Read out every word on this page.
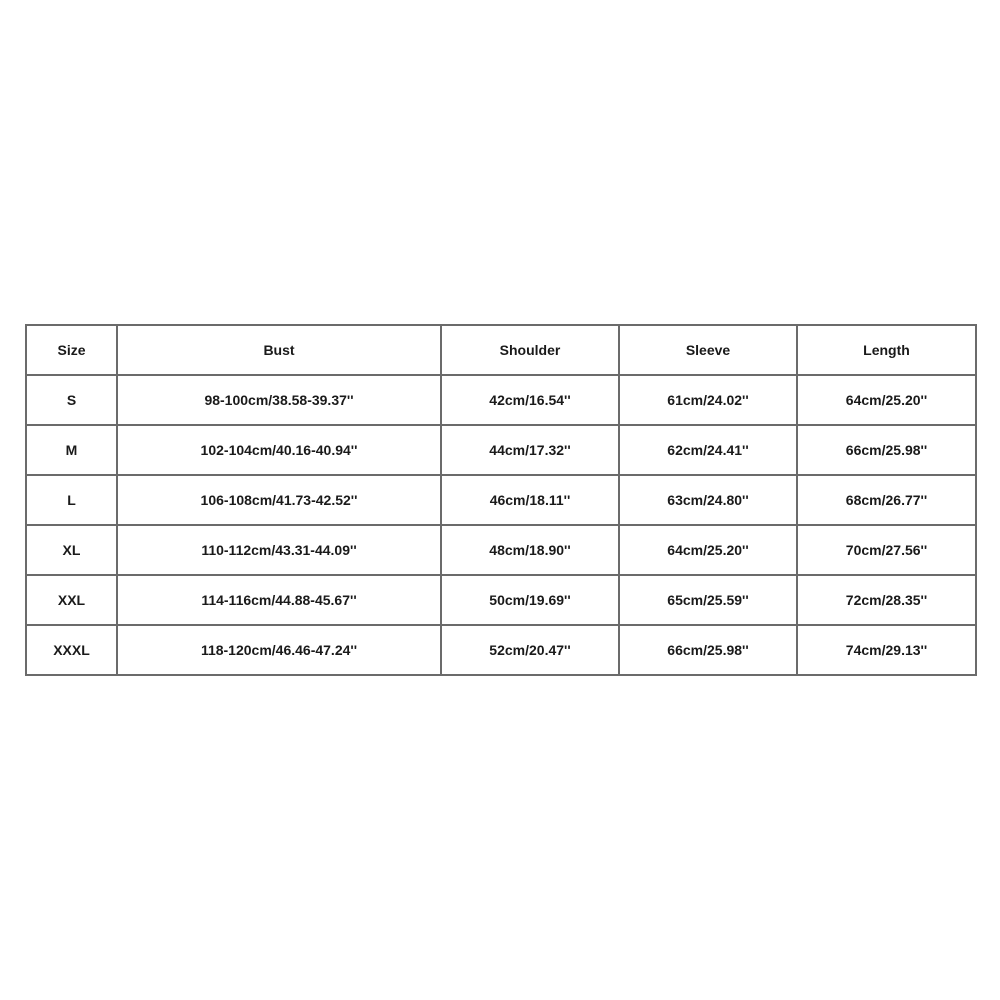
Size	Bust	Shoulder	Sleeve	Length
S	98-100cm/38.58-39.37''	42cm/16.54''	61cm/24.02''	64cm/25.20''
M	102-104cm/40.16-40.94''	44cm/17.32''	62cm/24.41''	66cm/25.98''
L	106-108cm/41.73-42.52''	46cm/18.11''	63cm/24.80''	68cm/26.77''
XL	110-112cm/43.31-44.09''	48cm/18.90''	64cm/25.20''	70cm/27.56''
XXL	114-116cm/44.88-45.67''	50cm/19.69''	65cm/25.59''	72cm/28.35''
XXXL	118-120cm/46.46-47.24''	52cm/20.47''	66cm/25.98''	74cm/29.13''
